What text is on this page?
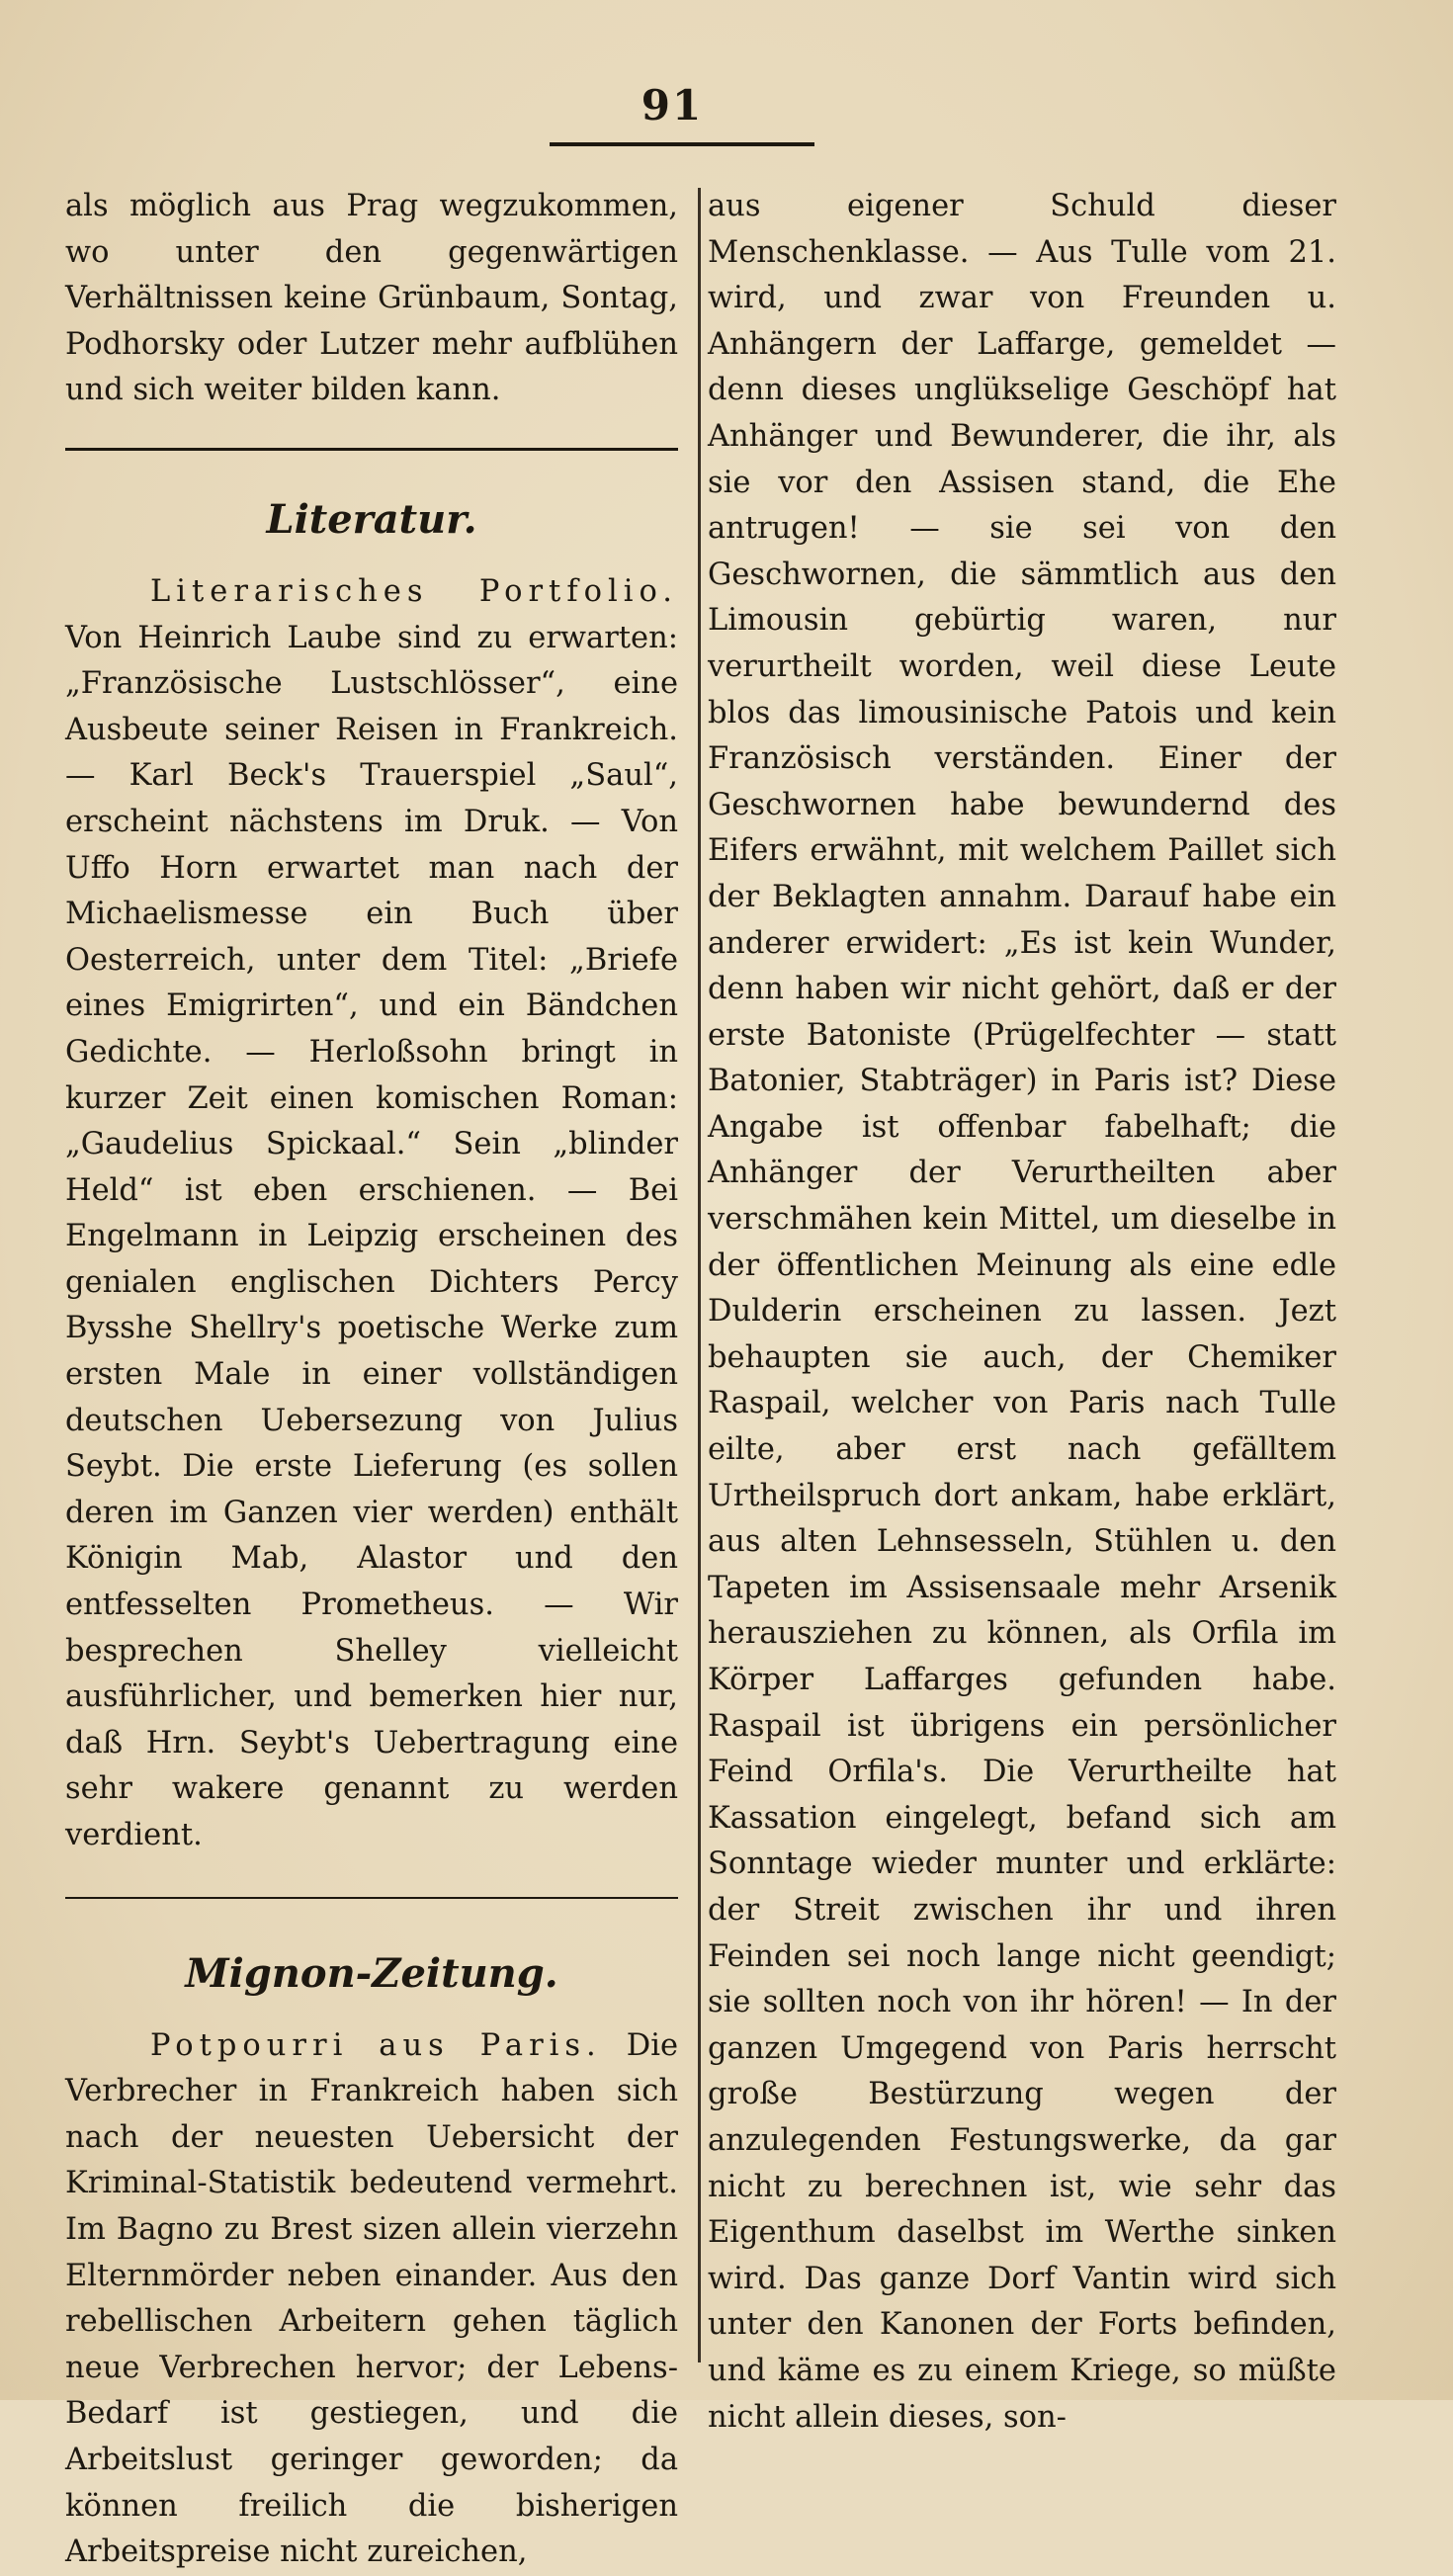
91

als möglich aus Prag wegzukommen, wo unter den gegenwärtigen Verhältnissen keine Grünbaum, Sontag, Podhorsky oder Lutzer mehr aufblühen und sich weiter bilden kann.

Literatur.

Literarisches Portfolio. Von Heinrich Laube sind zu erwarten: „Französische Lustschlösser“, eine Ausbeute seiner Reisen in Frankreich. — Karl Beck's Trauerspiel „Saul“, erscheint nächstens im Druk. — Von Uffo Horn erwartet man nach der Michaelismesse ein Buch über Oesterreich, unter dem Titel: „Briefe eines Emigrirten“, und ein Bändchen Gedichte. — Herloßsohn bringt in kurzer Zeit einen komischen Roman: „Gaudelius Spickaal.“ Sein „blinder Held“ ist eben erschienen. — Bei Engelmann in Leipzig erscheinen des genialen englischen Dichters Percy Bysshe Shellry's poetische Werke zum ersten Male in einer vollständigen deutschen Uebersezung von Julius Seybt. Die erste Lieferung (es sollen deren im Ganzen vier werden) enthält Königin Mab, Alastor und den entfesselten Prometheus. — Wir besprechen Shelley vielleicht ausführlicher, und bemerken hier nur, daß Hrn. Seybt's Uebertragung eine sehr wakere genannt zu werden verdient.

Mignon-Zeitung.

Potpourri aus Paris. Die Verbrecher in Frankreich haben sich nach der neuesten Uebersicht der Kriminal-Statistik bedeutend vermehrt. Im Bagno zu Brest sizen allein vierzehn Elternmörder neben einander. Aus den rebellischen Arbeitern gehen täglich neue Verbrechen hervor; der Lebens-Bedarf ist gestiegen, und die Arbeitslust geringer geworden; da können freilich die bisherigen Arbeitspreise nicht zureichen,

aus eigener Schuld dieser Menschenklasse. — Aus Tulle vom 21. wird, und zwar von Freunden u. Anhängern der Laffarge, gemeldet — denn dieses unglükselige Geschöpf hat Anhänger und Bewunderer, die ihr, als sie vor den Assisen stand, die Ehe antrugen! — sie sei von den Geschwornen, die sämmtlich aus den Limousin gebürtig waren, nur verurtheilt worden, weil diese Leute blos das limousinische Patois und kein Französisch verständen. Einer der Geschwornen habe bewundernd des Eifers erwähnt, mit welchem Paillet sich der Beklagten annahm. Darauf habe ein anderer erwidert: „Es ist kein Wunder, denn haben wir nicht gehört, daß er der erste Batoniste (Prügelfechter — statt Batonier, Stabträger) in Paris ist? Diese Angabe ist offenbar fabelhaft; die Anhänger der Verurtheilten aber verschmähen kein Mittel, um dieselbe in der öffentlichen Meinung als eine edle Dulderin erscheinen zu lassen. Jezt behaupten sie auch, der Chemiker Raspail, welcher von Paris nach Tulle eilte, aber erst nach gefälltem Urtheilspruch dort ankam, habe erklärt, aus alten Lehnsesseln, Stühlen u. den Tapeten im Assisensaale mehr Arsenik herausziehen zu können, als Orfila im Körper Laffarges gefunden habe. Raspail ist übrigens ein persönlicher Feind Orfila's. Die Verurtheilte hat Kassation eingelegt, befand sich am Sonntage wieder munter und erklärte: der Streit zwischen ihr und ihren Feinden sei noch lange nicht geendigt; sie sollten noch von ihr hören! — In der ganzen Umgegend von Paris herrscht große Bestürzung wegen der anzulegenden Festungswerke, da gar nicht zu berechnen ist, wie sehr das Eigenthum daselbst im Werthe sinken wird. Das ganze Dorf Vantin wird sich unter den Kanonen der Forts befinden, und käme es zu einem Kriege, so müßte nicht allein dieses, son-
